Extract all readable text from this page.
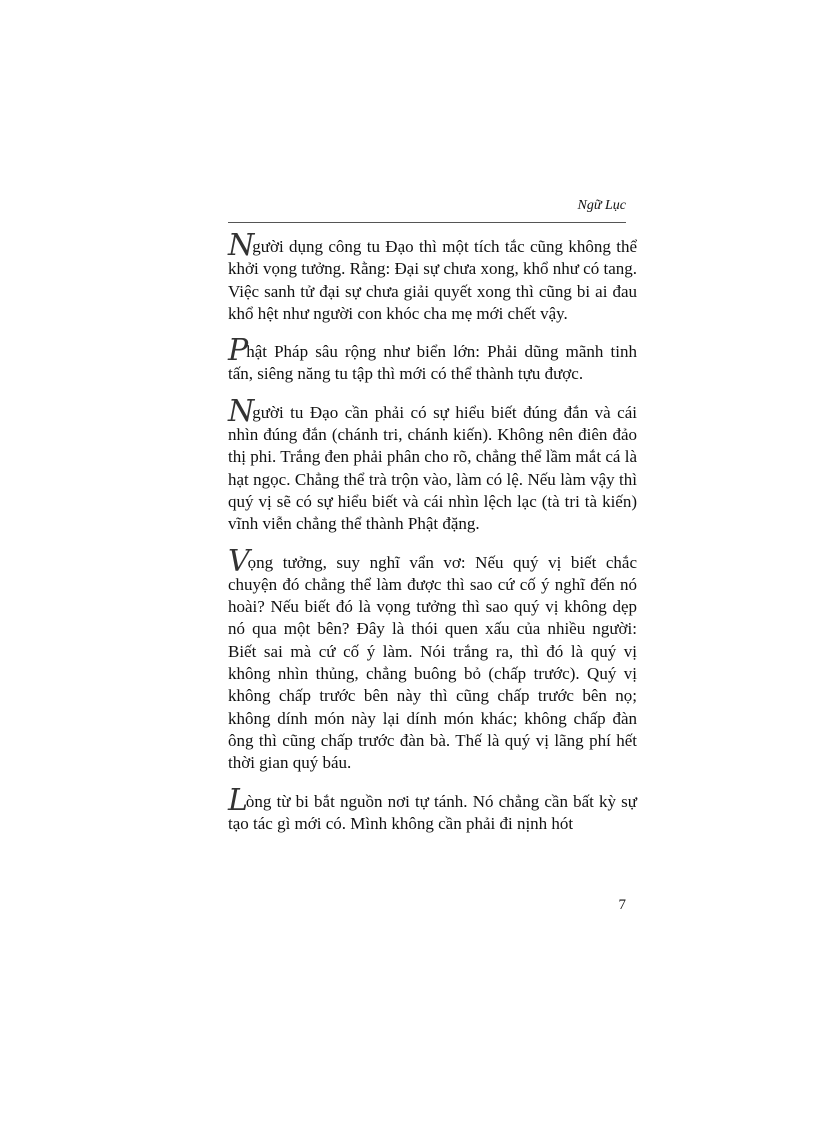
Ngữ Lục

Người dụng công tu Đạo thì một tích tắc cũng không thể khởi vọng tưởng. Rằng: Đại sự chưa xong, khổ như có tang. Việc sanh tử đại sự chưa giải quyết xong thì cũng bi ai đau khổ hệt như người con khóc cha mẹ mới chết vậy.

Phật Pháp sâu rộng như biển lớn: Phải dũng mãnh tinh tấn, siêng năng tu tập thì mới có thể thành tựu được.

Người tu Đạo cần phải có sự hiểu biết đúng đắn và cái nhìn đúng đắn (chánh tri, chánh kiến). Không nên điên đảo thị phi. Trắng đen phải phân cho rõ, chẳng thể lầm mắt cá là hạt ngọc. Chẳng thể trà trộn vào, làm có lệ. Nếu làm vậy thì quý vị sẽ có sự hiểu biết và cái nhìn lệch lạc (tà tri tà kiến) vĩnh viễn chẳng thể thành Phật đặng.

Vọng tưởng, suy nghĩ vẩn vơ: Nếu quý vị biết chắc chuyện đó chẳng thể làm được thì sao cứ cố ý nghĩ đến nó hoài? Nếu biết đó là vọng tưởng thì sao quý vị không dẹp nó qua một bên? Đây là thói quen xấu của nhiều người: Biết sai mà cứ cố ý làm. Nói trắng ra, thì đó là quý vị không nhìn thủng, chẳng buông bỏ (chấp trước). Quý vị không chấp trước bên này thì cũng chấp trước bên nọ; không dính món này lại dính món khác; không chấp đàn ông thì cũng chấp trước đàn bà. Thế là quý vị lãng phí hết thời gian quý báu.

Lòng từ bi bắt nguồn nơi tự tánh. Nó chẳng cần bất kỳ sự tạo tác gì mới có. Mình không cần phải đi nịnh hót

7
